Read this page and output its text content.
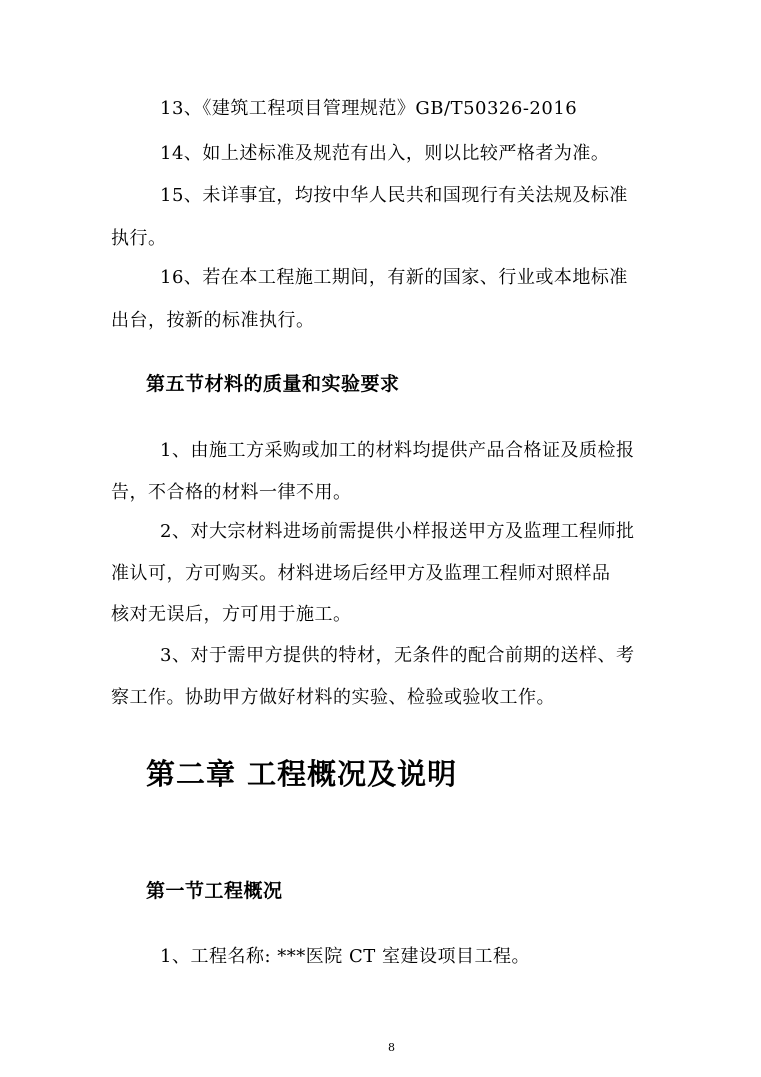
13、《建筑工程项目管理规范》GB/T50326-2016
14、如上述标准及规范有出入，则以比较严格者为准。
15、未详事宜，均按中华人民共和国现行有关法规及标准
执行。
16、若在本工程施工期间，有新的国家、行业或本地标准
出台，按新的标准执行。
第五节材料的质量和实验要求
1、由施工方采购或加工的材料均提供产品合格证及质检报
告，不合格的材料一律不用。
2、对大宗材料进场前需提供小样报送甲方及监理工程师批
准认可，方可购买。材料进场后经甲方及监理工程师对照样品
核对无误后，方可用于施工。
3、对于需甲方提供的特材，无条件的配合前期的送样、考
察工作。协助甲方做好材料的实验、检验或验收工作。
第二章 工程概况及说明
第一节工程概况
1、工程名称: ***医院 CT 室建设项目工程。
8
